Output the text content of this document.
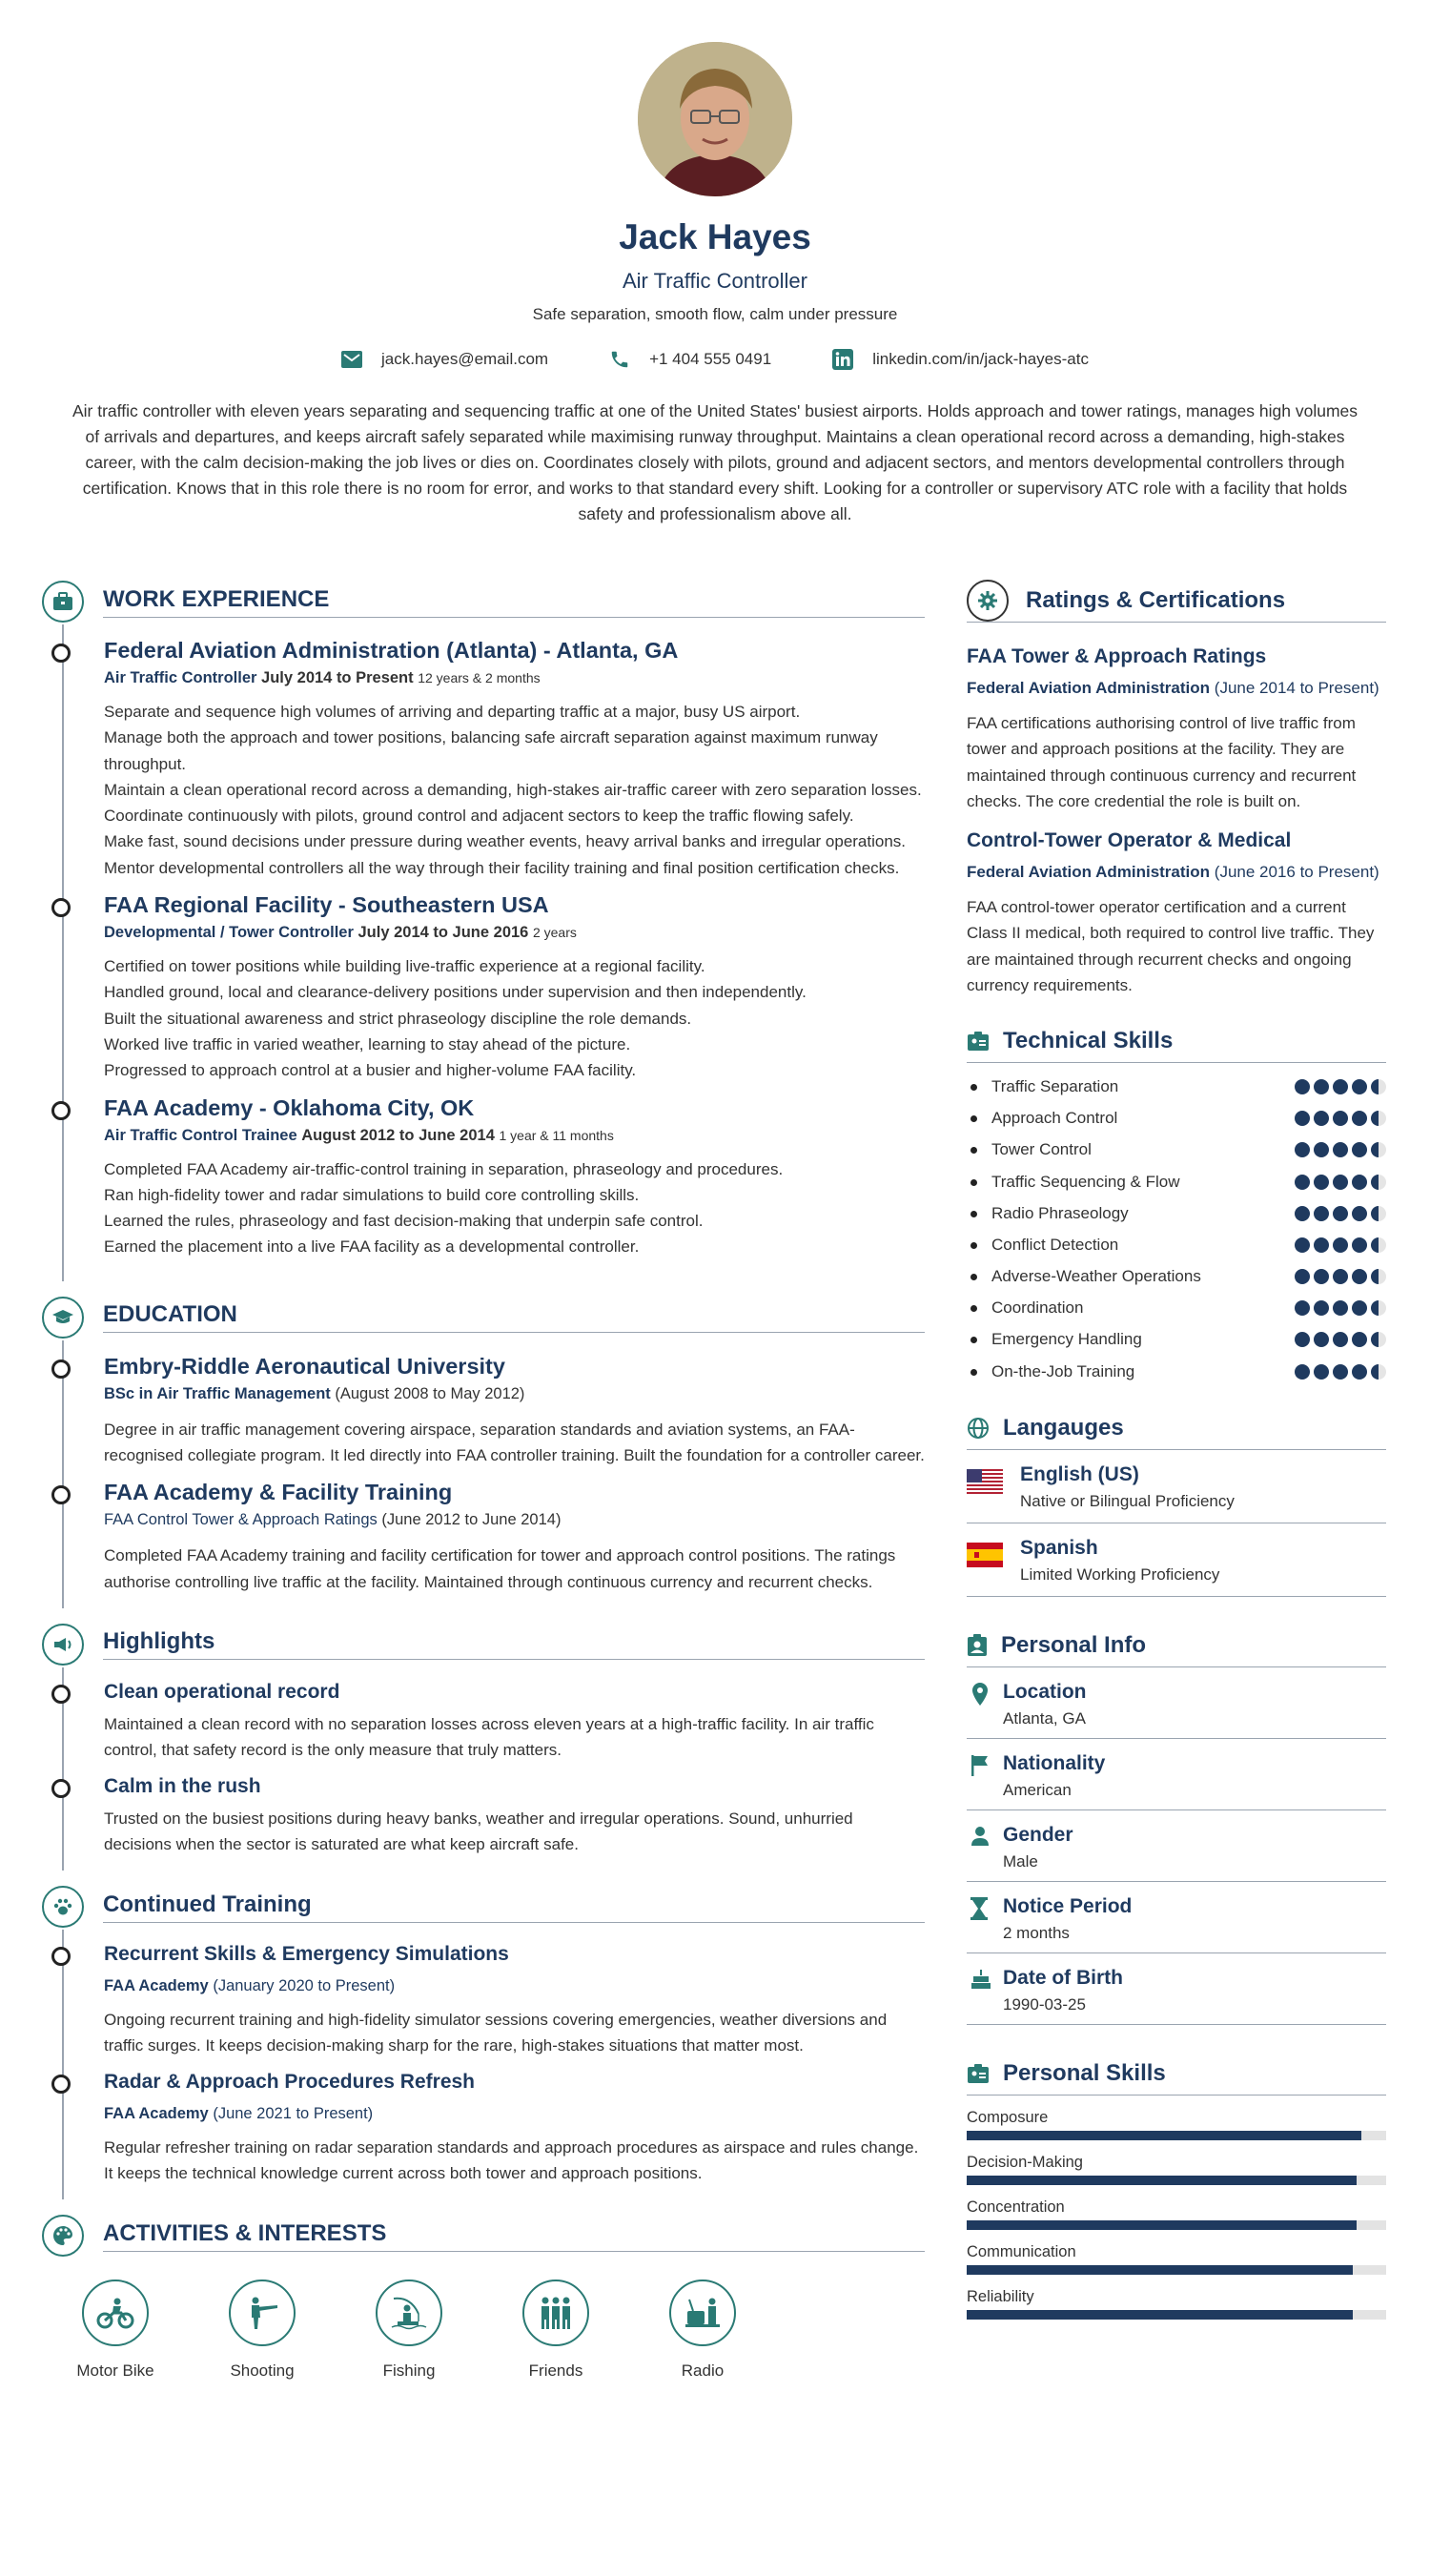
Jack Hayes
Air Traffic Controller
Safe separation, smooth flow, calm under pressure
jack.hayes@email.com	+1 404 555 0491	linkedin.com/in/jack-hayes-atc
Air traffic controller with eleven years separating and sequencing traffic at one of the United States' busiest airports. Holds approach and tower ratings, manages high volumes of arrivals and departures, and keeps aircraft safely separated while maximising runway throughput. Maintains a clean operational record across a demanding, high-stakes career, with the calm decision-making the job lives or dies on. Coordinates closely with pilots, ground and adjacent sectors, and mentors developmental controllers through certification. Knows that in this role there is no room for error, and works to that standard every shift. Looking for a controller or supervisory ATC role with a facility that holds safety and professionalism above all.
WORK EXPERIENCE
Federal Aviation Administration (Atlanta) - Atlanta, GA
Air Traffic Controller July 2014 to Present 12 years & 2 months
Separate and sequence high volumes of arriving and departing traffic at a major, busy US airport.
Manage both the approach and tower positions, balancing safe aircraft separation against maximum runway throughput.
Maintain a clean operational record across a demanding, high-stakes air-traffic career with zero separation losses.
Coordinate continuously with pilots, ground control and adjacent sectors to keep the traffic flowing safely.
Make fast, sound decisions under pressure during weather events, heavy arrival banks and irregular operations.
Mentor developmental controllers all the way through their facility training and final position certification checks.
FAA Regional Facility - Southeastern USA
Developmental / Tower Controller July 2014 to June 2016 2 years
Certified on tower positions while building live-traffic experience at a regional facility.
Handled ground, local and clearance-delivery positions under supervision and then independently.
Built the situational awareness and strict phraseology discipline the role demands.
Worked live traffic in varied weather, learning to stay ahead of the picture.
Progressed to approach control at a busier and higher-volume FAA facility.
FAA Academy - Oklahoma City, OK
Air Traffic Control Trainee August 2012 to June 2014 1 year & 11 months
Completed FAA Academy air-traffic-control training in separation, phraseology and procedures.
Ran high-fidelity tower and radar simulations to build core controlling skills.
Learned the rules, phraseology and fast decision-making that underpin safe control.
Earned the placement into a live FAA facility as a developmental controller.
EDUCATION
Embry-Riddle Aeronautical University
BSc in Air Traffic Management (August 2008 to May 2012)
Degree in air traffic management covering airspace, separation standards and aviation systems, an FAA-recognised collegiate program. It led directly into FAA controller training. Built the foundation for a controller career.
FAA Academy & Facility Training
FAA Control Tower & Approach Ratings (June 2012 to June 2014)
Completed FAA Academy training and facility certification for tower and approach control positions. The ratings authorise controlling live traffic at the facility. Maintained through continuous currency and recurrent checks.
Highlights
Clean operational record
Maintained a clean record with no separation losses across eleven years at a high-traffic facility. In air traffic control, that safety record is the only measure that truly matters.
Calm in the rush
Trusted on the busiest positions during heavy banks, weather and irregular operations. Sound, unhurried decisions when the sector is saturated are what keep aircraft safe.
Continued Training
Recurrent Skills & Emergency Simulations
FAA Academy (January 2020 to Present)
Ongoing recurrent training and high-fidelity simulator sessions covering emergencies, weather diversions and traffic surges. It keeps decision-making sharp for the rare, high-stakes situations that matter most.
Radar & Approach Procedures Refresh
FAA Academy (June 2021 to Present)
Regular refresher training on radar separation standards and approach procedures as airspace and rules change. It keeps the technical knowledge current across both tower and approach positions.
ACTIVITIES & INTERESTS
Motor Bike	Shooting	Fishing	Friends	Radio
Ratings & Certifications
FAA Tower & Approach Ratings
Federal Aviation Administration (June 2014 to Present)
FAA certifications authorising control of live traffic from tower and approach positions at the facility. They are maintained through continuous currency and recurrent checks. The core credential the role is built on.
Control-Tower Operator & Medical
Federal Aviation Administration (June 2016 to Present)
FAA control-tower operator certification and a current Class II medical, both required to control live traffic. They are maintained through recurrent checks and ongoing currency requirements.
Technical Skills
Traffic Separation
Approach Control
Tower Control
Traffic Sequencing & Flow
Radio Phraseology
Conflict Detection
Adverse-Weather Operations
Coordination
Emergency Handling
On-the-Job Training
Langauges
English (US)
Native or Bilingual Proficiency
Spanish
Limited Working Proficiency
Personal Info
Location
Atlanta, GA
Nationality
American
Gender
Male
Notice Period
2 months
Date of Birth
1990-03-25
Personal Skills
Composure
Decision-Making
Concentration
Communication
Reliability
